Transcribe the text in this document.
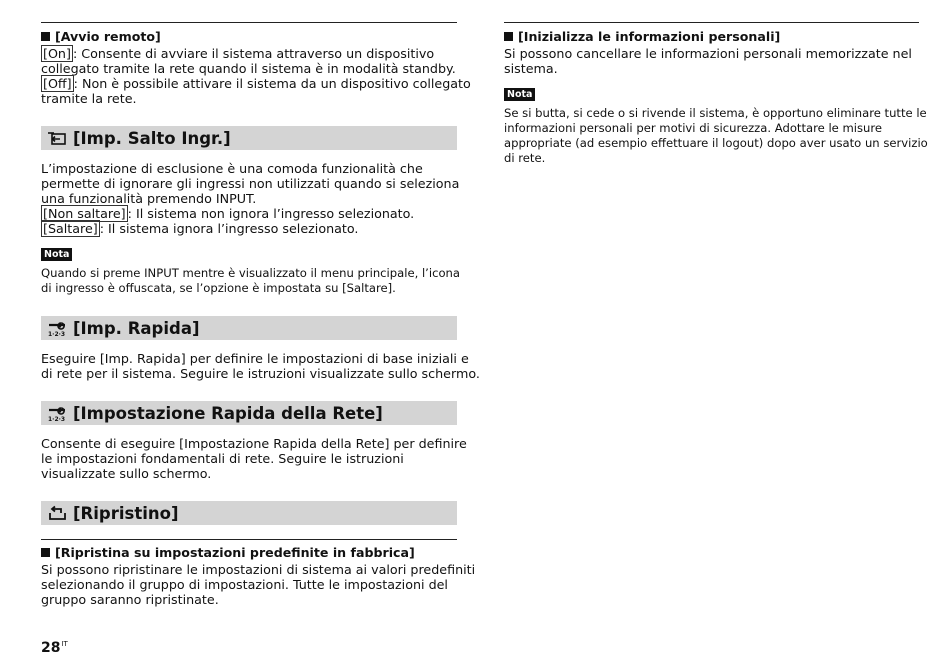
[Avvio remoto]
[On] : Consente di avviare il sistema attraverso un dispositivo
collegato tramite la rete quando il sistema è in modalità standby.
[Off] : Non è possibile attivare il sistema da un dispositivo collegato
tramite la rete.
[Imp. Salto Ingr.]
L’impostazione di esclusione è una comoda funzionalità che
permette di ignorare gli ingressi non utilizzati quando si seleziona
una funzionalità premendo INPUT.
[Non saltare] : Il sistema non ignora l’ingresso selezionato.
[Saltare] : Il sistema ignora l’ingresso selezionato.
Nota
Quando si preme INPUT mentre è visualizzato il menu principale, l’icona
di ingresso è offuscata, se l’opzione è impostata su [Saltare].
1·2·3 [Imp. Rapida]
Eseguire [Imp. Rapida] per definire le impostazioni di base iniziali e
di rete per il sistema. Seguire le istruzioni visualizzate sullo schermo.
1·2·3 [Impostazione Rapida della Rete]
Consente di eseguire [Impostazione Rapida della Rete] per definire
le impostazioni fondamentali di rete. Seguire le istruzioni
visualizzate sullo schermo.
[Ripristino]
[Ripristina su impostazioni predefinite in fabbrica]
Si possono ripristinare le impostazioni di sistema ai valori predefiniti
selezionando il gruppo di impostazioni. Tutte le impostazioni del
gruppo saranno ripristinate.
[Inizializza le informazioni personali]
Si possono cancellare le informazioni personali memorizzate nel
sistema.
Nota
Se si butta, si cede o si rivende il sistema, è opportuno eliminare tutte le
informazioni personali per motivi di sicurezza. Adottare le misure
appropriate (ad esempio effettuare il logout) dopo aver usato un servizio
di rete.
$28^{IT}$
